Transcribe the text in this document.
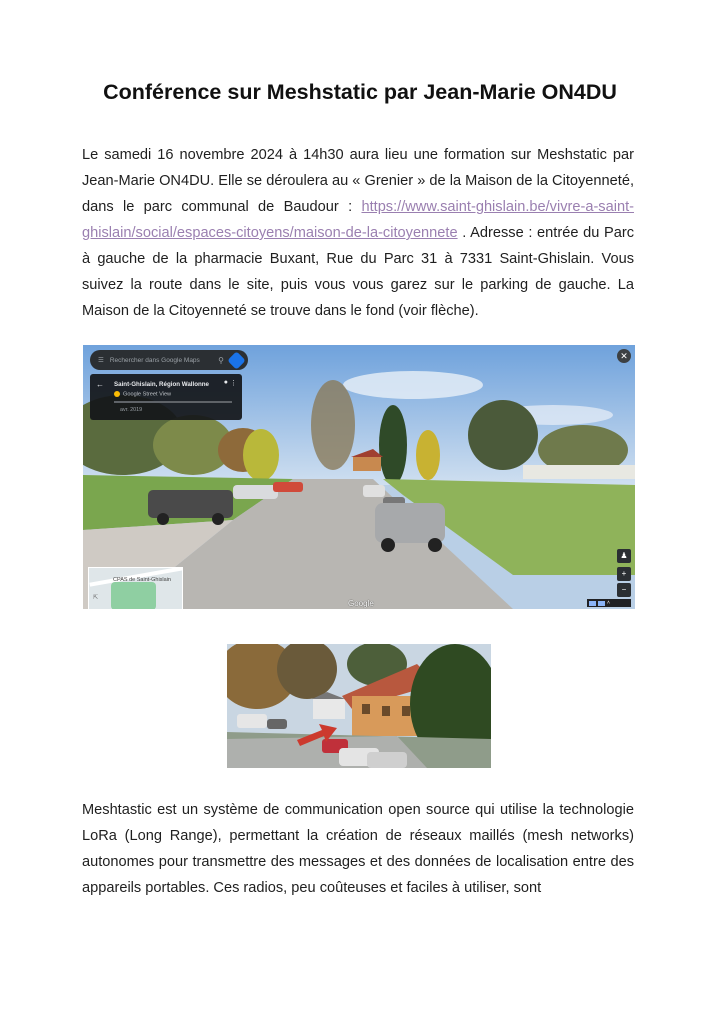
Conférence sur Meshstatic par Jean-Marie ON4DU
Le samedi 16 novembre 2024 à 14h30 aura lieu une formation sur Meshstatic par Jean-Marie ON4DU. Elle se déroulera au « Grenier » de la Maison de la Citoyenneté, dans le parc communal de Baudour : https://www.saint-ghislain.be/vivre-a-saint-ghislain/social/espaces-citoyens/maison-de-la-citoyennete . Adresse : entrée du Parc à gauche de la pharmacie Buxant, Rue du Parc 31 à 7331 Saint-Ghislain. Vous suivez la route dans le site, puis vous vous garez sur le parking de gauche. La Maison de la Citoyenneté se trouve dans le fond (voir flèche).
☰ Rechercher dans Google Maps	⚲
← Saint-Ghislain, Région Wallonne
Google Street View
avr. 2019
● ⋮
✕
CPAS de Saint-Ghislain
⇱
Google
♟
+
−
˄
Meshtastic est un système de communication open source qui utilise la technologie LoRa (Long Range), permettant la création de réseaux maillés (mesh networks) autonomes pour transmettre des messages et des données de localisation entre des appareils portables. Ces radios, peu coûteuses et faciles à utiliser, sont
